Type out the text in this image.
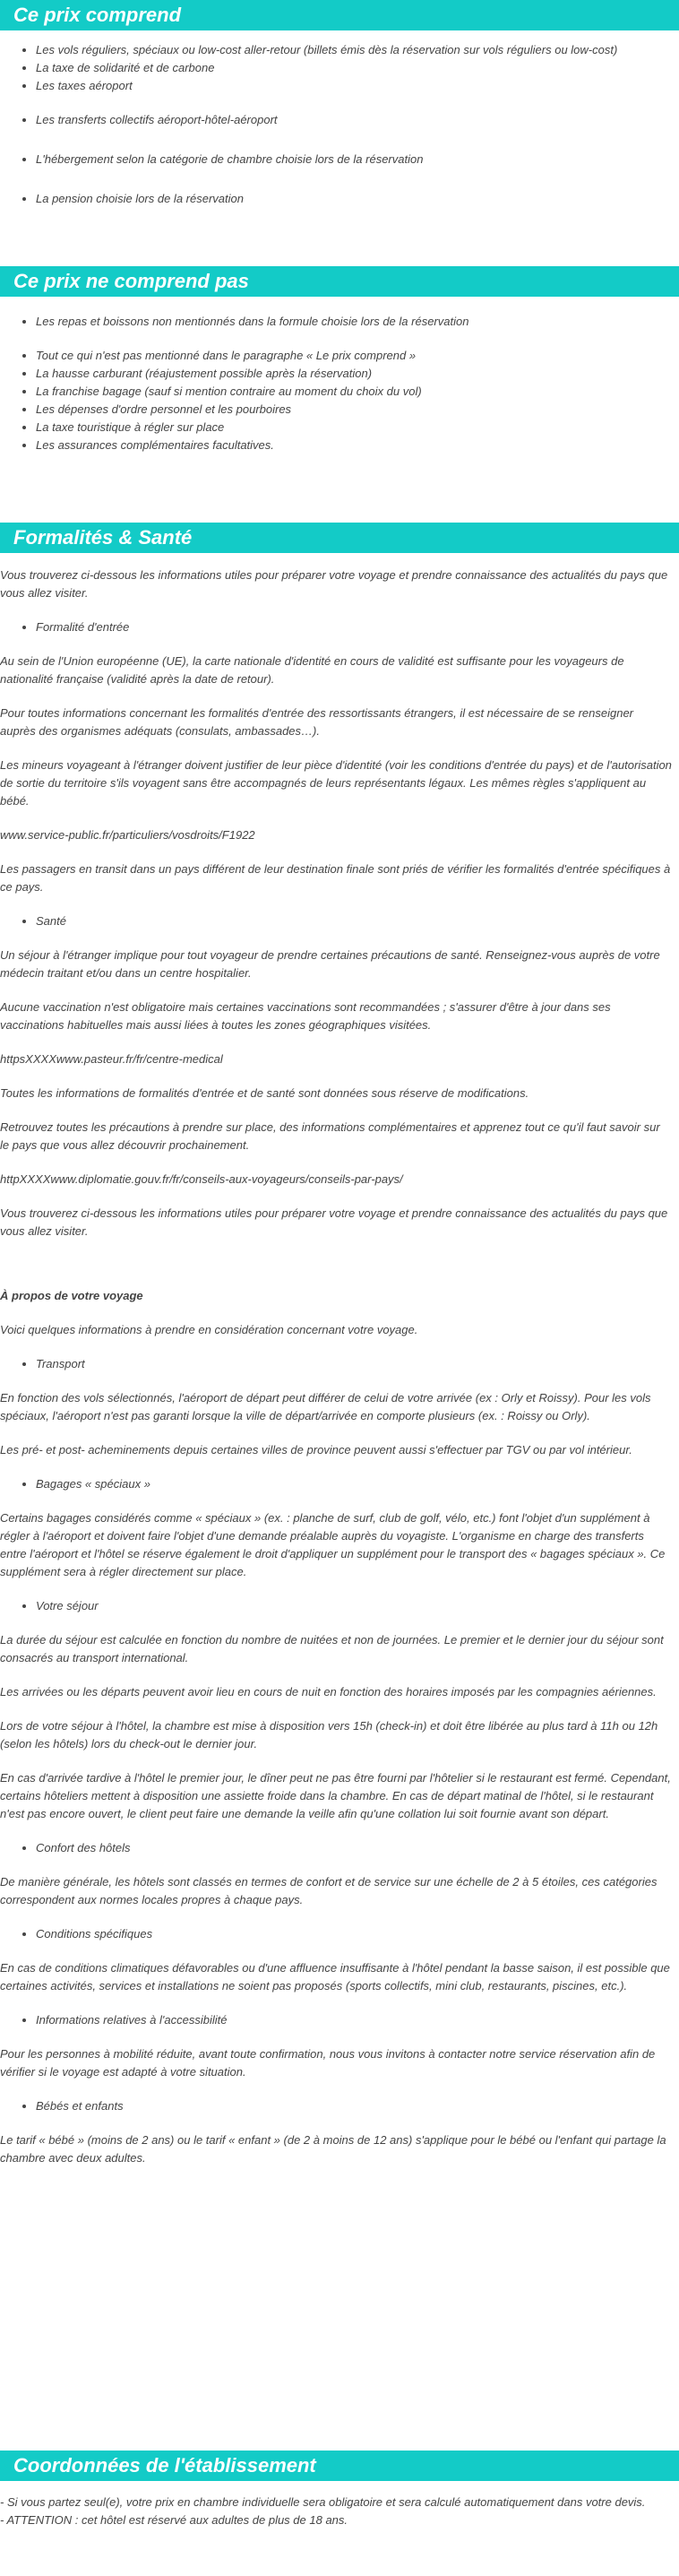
Ce prix comprend
• Les vols réguliers, spéciaux ou low-cost aller-retour (billets émis dès la réservation sur vols réguliers ou low-cost)
• La taxe de solidarité et de carbone
• Les taxes aéroport
• Les transferts collectifs aéroport-hôtel-aéroport
• L'hébergement selon la catégorie de chambre choisie lors de la réservation
• La pension choisie lors de la réservation
Ce prix ne comprend pas
• Les repas et boissons non mentionnés dans la formule choisie lors de la réservation
• Tout ce qui n'est pas mentionné dans le paragraphe « Le prix comprend »
• La hausse carburant (réajustement possible après la réservation)
• La franchise bagage (sauf si mention contraire au moment du choix du vol)
• Les dépenses d'ordre personnel et les pourboires
• La taxe touristique à régler sur place
• Les assurances complémentaires facultatives.
Formalités & Santé

Vous trouverez ci-dessous les informations utiles pour préparer votre voyage et prendre connaissance des actualités du pays que vous allez visiter.

• Formalité d'entrée

Au sein de l'Union européenne (UE), la carte nationale d'identité en cours de validité est suffisante pour les voyageurs de nationalité française (validité après la date de retour).

Pour toutes informations concernant les formalités d'entrée des ressortissants étrangers, il est nécessaire de se renseigner auprès des organismes adéquats (consulats, ambassades…).

Les mineurs voyageant à l'étranger doivent justifier de leur pièce d'identité (voir les conditions d'entrée du pays) et de l'autorisation de sortie du territoire s'ils voyagent sans être accompagnés de leurs représentants légaux. Les mêmes règles s'appliquent au bébé.

www.service-public.fr/particuliers/vosdroits/F1922

Les passagers en transit dans un pays différent de leur destination finale sont priés de vérifier les formalités d'entrée spécifiques à ce pays.

• Santé

Un séjour à l'étranger implique pour tout voyageur de prendre certaines précautions de santé. Renseignez-vous auprès de votre médecin traitant et/ou dans un centre hospitalier.

Aucune vaccination n'est obligatoire mais certaines vaccinations sont recommandées ; s'assurer d'être à jour dans ses vaccinations habituelles mais aussi liées à toutes les zones géographiques visitées.

httpsXXXXwww.pasteur.fr/fr/centre-medical

Toutes les informations de formalités d'entrée et de santé sont données sous réserve de modifications.

Retrouvez toutes les précautions à prendre sur place, des informations complémentaires et apprenez tout ce qu'il faut savoir sur le pays que vous allez découvrir prochainement.

httpXXXXwww.diplomatie.gouv.fr/fr/conseils-aux-voyageurs/conseils-par-pays/

Vous trouverez ci-dessous les informations utiles pour préparer votre voyage et prendre connaissance des actualités du pays que vous allez visiter.

À propos de votre voyage

Voici quelques informations à prendre en considération concernant votre voyage.

• Transport

En fonction des vols sélectionnés, l'aéroport de départ peut différer de celui de votre arrivée (ex : Orly et Roissy). Pour les vols spéciaux, l'aéroport n'est pas garanti lorsque la ville de départ/arrivée en comporte plusieurs (ex. : Roissy ou Orly).

Les pré- et post- acheminements depuis certaines villes de province peuvent aussi s'effectuer par TGV ou par vol intérieur.

• Bagages « spéciaux »

Certains bagages considérés comme « spéciaux » (ex. : planche de surf, club de golf, vélo, etc.) font l'objet d'un supplément à régler à l'aéroport et doivent faire l'objet d'une demande préalable auprès du voyagiste. L'organisme en charge des transferts entre l'aéroport et l'hôtel se réserve également le droit d'appliquer un supplément pour le transport des « bagages spéciaux ». Ce supplément sera à régler directement sur place.

• Votre séjour

La durée du séjour est calculée en fonction du nombre de nuitées et non de journées. Le premier et le dernier jour du séjour sont consacrés au transport international.

Les arrivées ou les départs peuvent avoir lieu en cours de nuit en fonction des horaires imposés par les compagnies aériennes.

Lors de votre séjour à l'hôtel, la chambre est mise à disposition vers 15h (check-in) et doit être libérée au plus tard à 11h ou 12h (selon les hôtels) lors du check-out le dernier jour.

En cas d'arrivée tardive à l'hôtel le premier jour, le dîner peut ne pas être fourni par l'hôtelier si le restaurant est fermé. Cependant, certains hôteliers mettent à disposition une assiette froide dans la chambre. En cas de départ matinal de l'hôtel, si le restaurant n'est pas encore ouvert, le client peut faire une demande la veille afin qu'une collation lui soit fournie avant son départ.

• Confort des hôtels

De manière générale, les hôtels sont classés en termes de confort et de service sur une échelle de 2 à 5 étoiles, ces catégories correspondent aux normes locales propres à chaque pays.

• Conditions spécifiques

En cas de conditions climatiques défavorables ou d'une affluence insuffisante à l'hôtel pendant la basse saison, il est possible que certaines activités, services et installations ne soient pas proposés (sports collectifs, mini club, restaurants, piscines, etc.).

• Informations relatives à l'accessibilité

Pour les personnes à mobilité réduite, avant toute confirmation, nous vous invitons à contacter notre service réservation afin de vérifier si le voyage est adapté à votre situation.

• Bébés et enfants

Le tarif « bébé » (moins de 2 ans) ou le tarif « enfant » (de 2 à moins de 12 ans) s'applique pour le bébé ou l'enfant qui partage la chambre avec deux adultes.

Coordonnées de l'établissement

- Si vous partez seul(e), votre prix en chambre individuelle sera obligatoire et sera calculé automatiquement dans votre devis.

- ATTENTION : cet hôtel est réservé aux adultes de plus de 18 ans.
